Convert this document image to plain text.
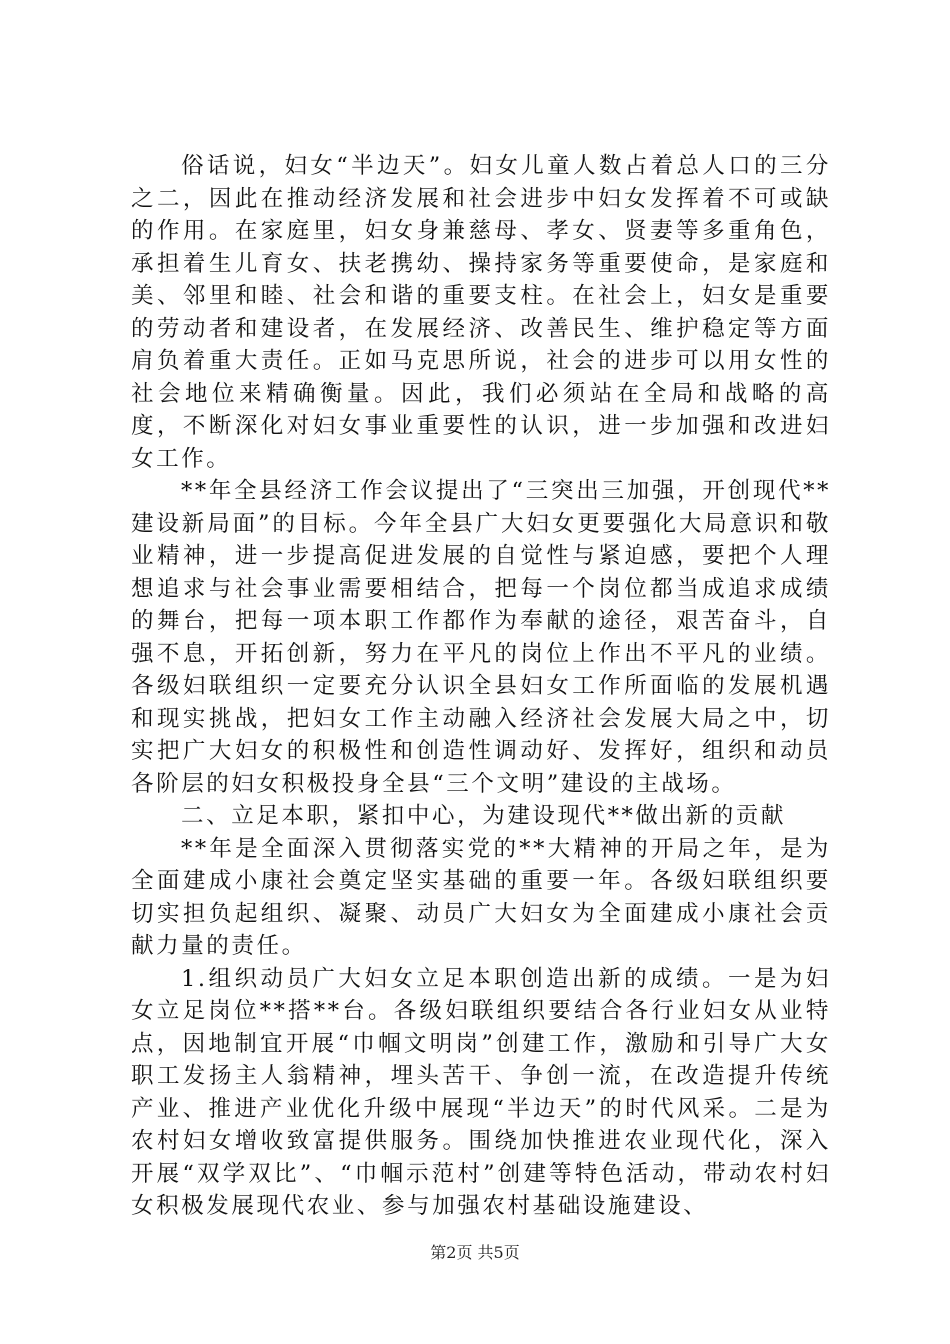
俗话说，妇女“半边天”。妇女儿童人数占着总人口的三分之二，因此在推动经济发展和社会进步中妇女发挥着不可或缺的作用。在家庭里，妇女身兼慈母、孝女、贤妻等多重角色，承担着生儿育女、扶老携幼、操持家务等重要使命，是家庭和美、邻里和睦、社会和谐的重要支柱。在社会上，妇女是重要的劳动者和建设者，在发展经济、改善民生、维护稳定等方面肩负着重大责任。正如马克思所说，社会的进步可以用女性的社会地位来精确衡量。因此，我们必须站在全局和战略的高度，不断深化对妇女事业重要性的认识，进一步加强和改进妇女工作。

**年全县经济工作会议提出了“三突出三加强，开创现代**建设新局面”的目标。今年全县广大妇女更要强化大局意识和敬业精神，进一步提高促进发展的自觉性与紧迫感，要把个人理想追求与社会事业需要相结合，把每一个岗位都当成追求成绩的舞台，把每一项本职工作都作为奉献的途径，艰苦奋斗，自强不息，开拓创新，努力在平凡的岗位上作出不平凡的业绩。各级妇联组织一定要充分认识全县妇女工作所面临的发展机遇和现实挑战，把妇女工作主动融入经济社会发展大局之中，切实把广大妇女的积极性和创造性调动好、发挥好，组织和动员各阶层的妇女积极投身全县“三个文明”建设的主战场。

二、立足本职，紧扣中心，为建设现代**做出新的贡献

**年是全面深入贯彻落实党的**大精神的开局之年，是为全面建成小康社会奠定坚实基础的重要一年。各级妇联组织要切实担负起组织、凝聚、动员广大妇女为全面建成小康社会贡献力量的责任。

1.组织动员广大妇女立足本职创造出新的成绩。一是为妇女立足岗位**搭**台。各级妇联组织要结合各行业妇女从业特点，因地制宜开展“巾帼文明岗”创建工作，激励和引导广大女职工发扬主人翁精神，埋头苦干、争创一流，在改造提升传统产业、推进产业优化升级中展现“半边天”的时代风采。二是为农村妇女增收致富提供服务。围绕加快推进农业现代化，深入开展“双学双比”、“巾帼示范村”创建等特色活动，带动农村妇女积极发展现代农业、参与加强农村基础设施建设、

第2页 共5页
